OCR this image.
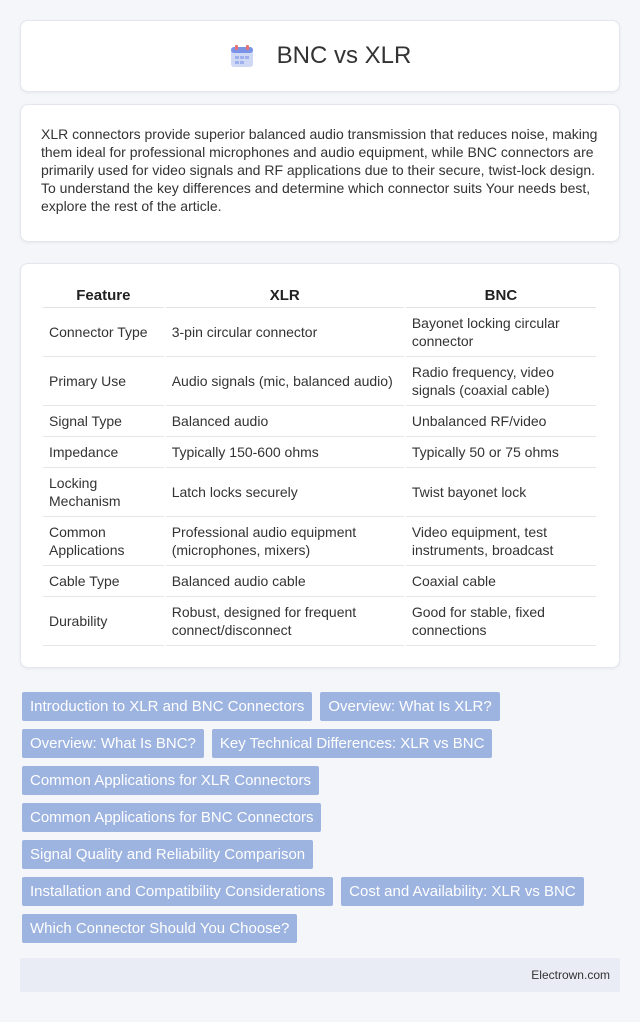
BNC vs XLR

XLR connectors provide superior balanced audio transmission that reduces noise, making them ideal for professional microphones and audio equipment, while BNC connectors are primarily used for video signals and RF applications due to their secure, twist-lock design. To understand the key differences and determine which connector suits Your needs best, explore the rest of the article.

Feature	XLR	BNC
Connector Type	3-pin circular connector	Bayonet locking circular connector
Primary Use	Audio signals (mic, balanced audio)	Radio frequency, video signals (coaxial cable)
Signal Type	Balanced audio	Unbalanced RF/video
Impedance	Typically 150-600 ohms	Typically 50 or 75 ohms
Locking Mechanism	Latch locks securely	Twist bayonet lock
Common Applications	Professional audio equipment (microphones, mixers)	Video equipment, test instruments, broadcast
Cable Type	Balanced audio cable	Coaxial cable
Durability	Robust, designed for frequent connect/disconnect	Good for stable, fixed connections
Introduction to XLR and BNC Connectors	Overview: What Is XLR?
Overview: What Is BNC?	Key Technical Differences: XLR vs BNC
Common Applications for XLR Connectors
Common Applications for BNC Connectors
Signal Quality and Reliability Comparison
Installation and Compatibility Considerations	Cost and Availability: XLR vs BNC
Which Connector Should You Choose?
Electrown.com
